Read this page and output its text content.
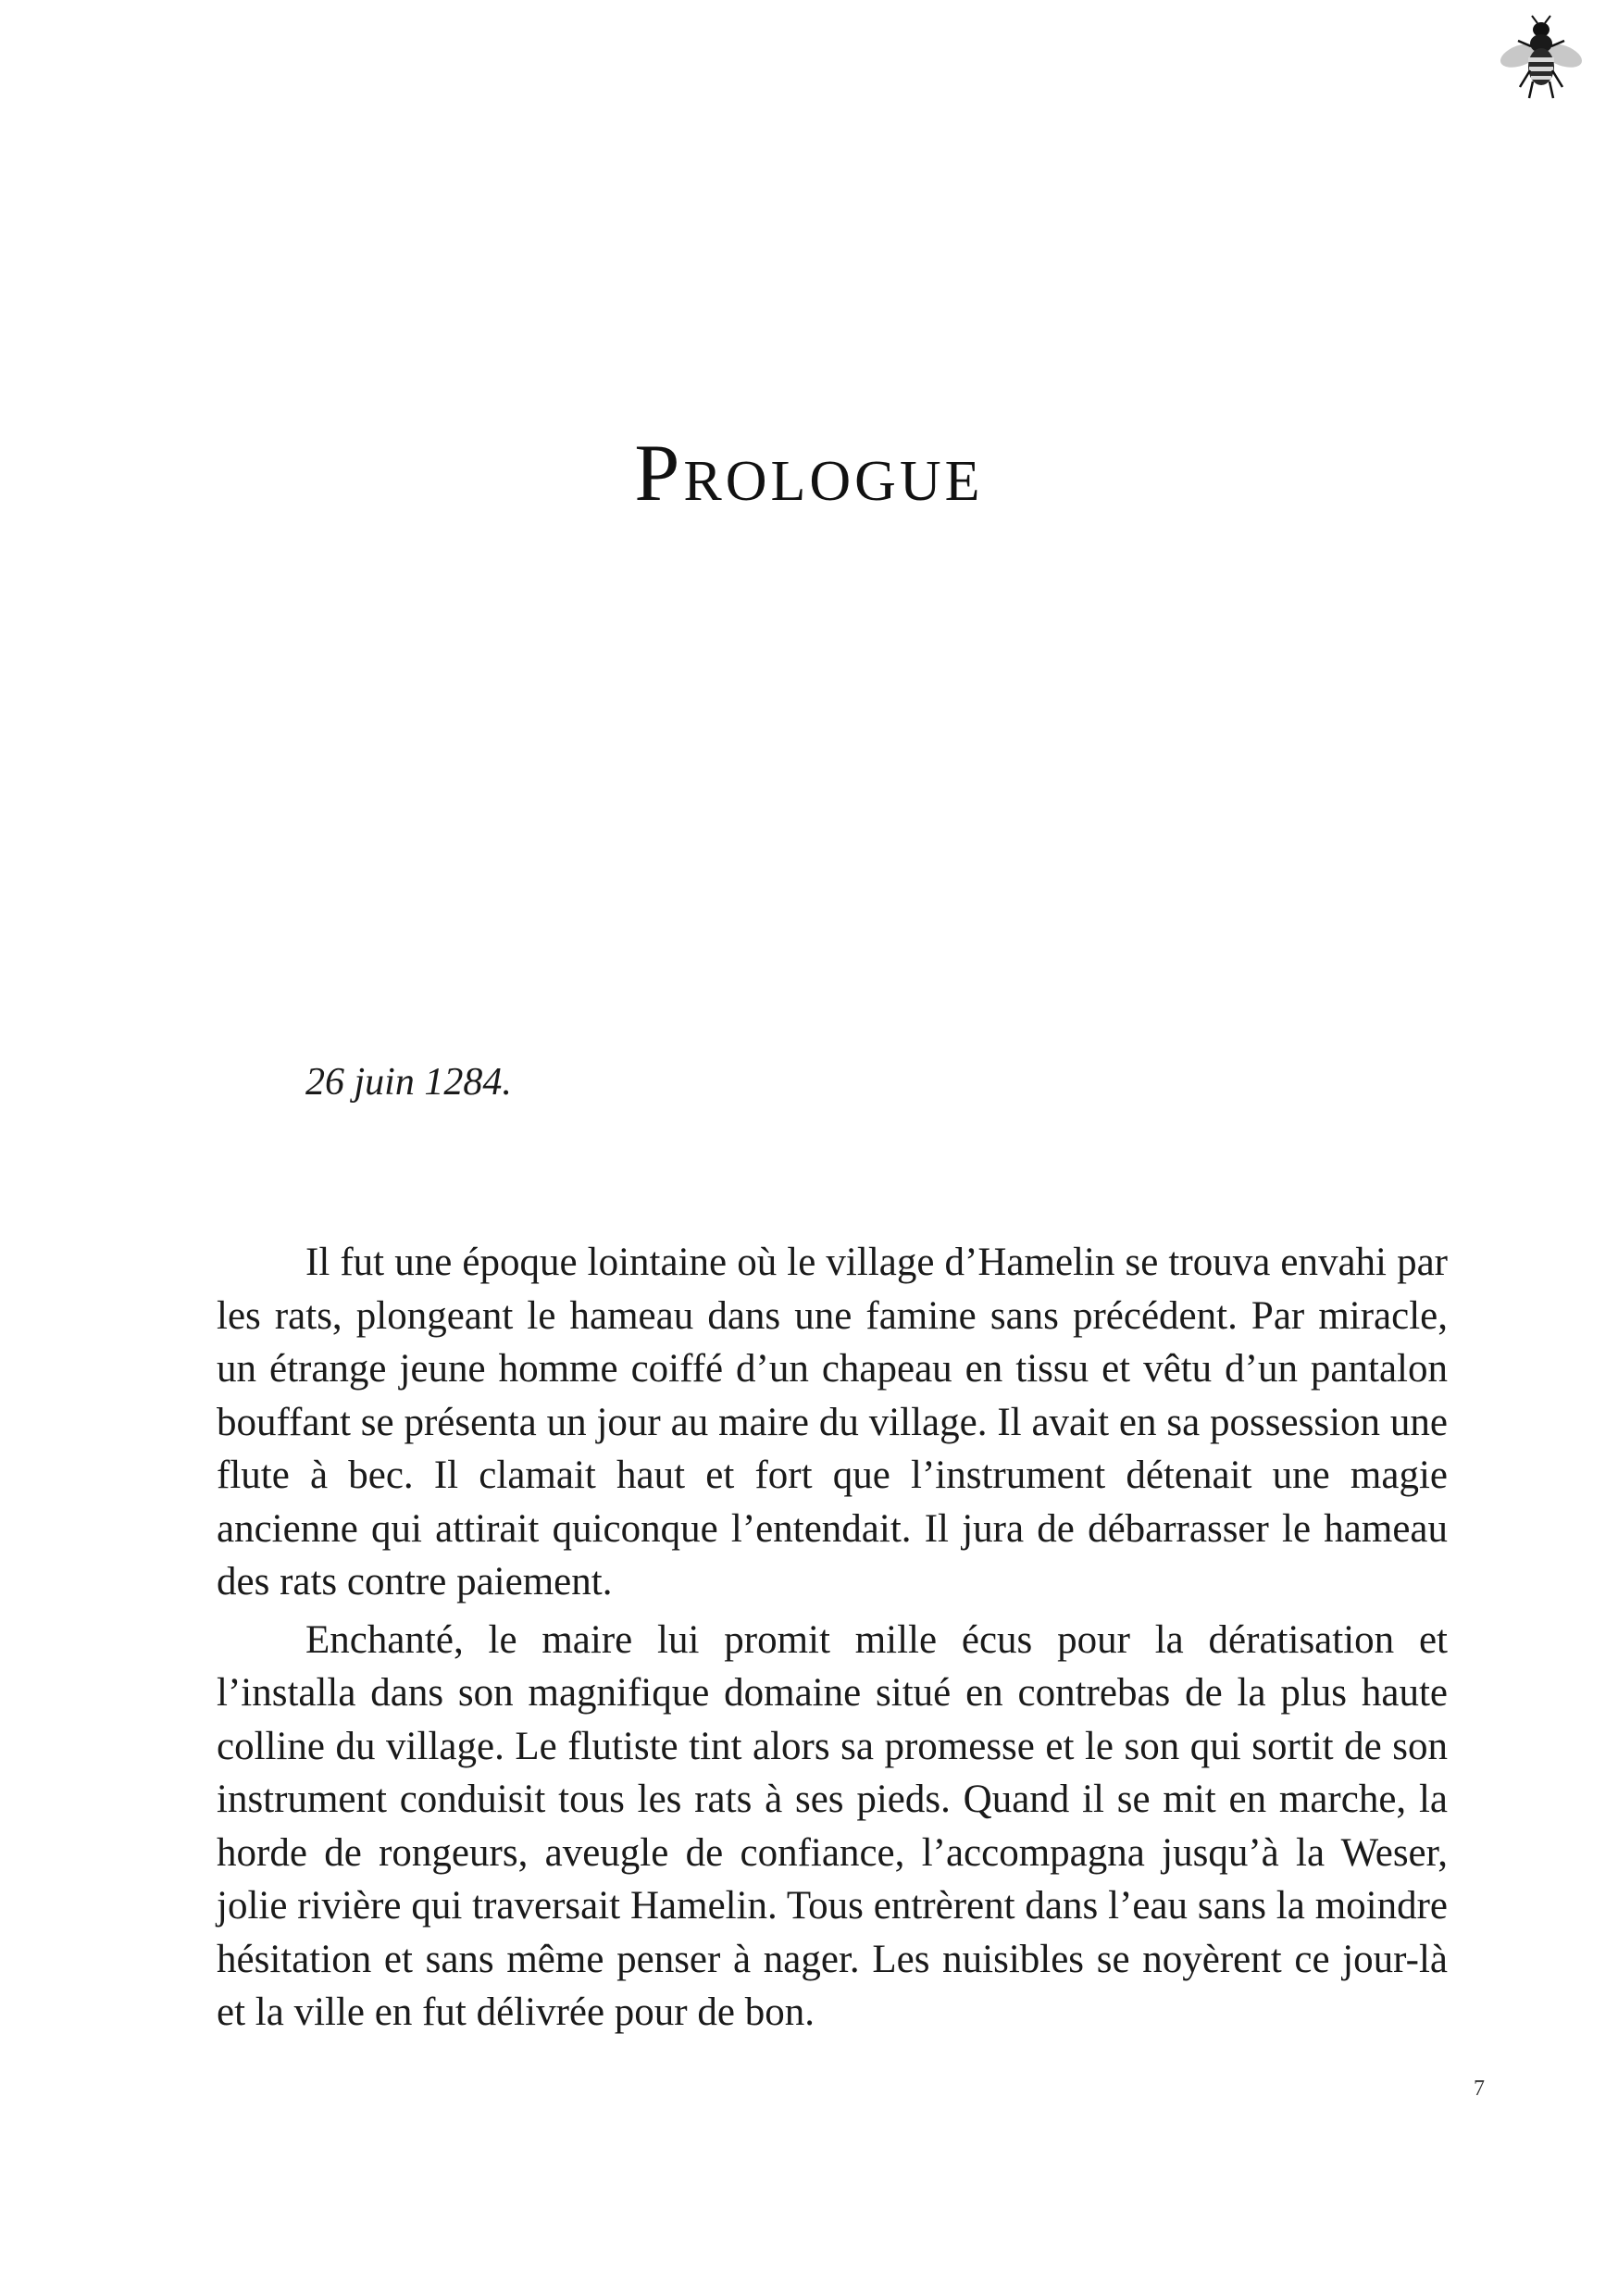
Prologue
26 juin 1284.

Il fut une époque lointaine où le village d’Hamelin se trouva envahi par les rats, plongeant le hameau dans une famine sans précédent. Par miracle, un étrange jeune homme coiffé d’un chapeau en tissu et vêtu d’un pantalon bouffant se présenta un jour au maire du village. Il avait en sa possession une flute à bec. Il clamait haut et fort que l’instrument détenait une magie ancienne qui attirait quiconque l’entendait. Il jura de débarrasser le hameau des rats contre paiement.

Enchanté, le maire lui promit mille écus pour la dératisation et l’installa dans son magnifique domaine situé en contrebas de la plus haute colline du village. Le flutiste tint alors sa promesse et le son qui sortit de son instrument conduisit tous les rats à ses pieds. Quand il se mit en marche, la horde de rongeurs, aveugle de confiance, l’accompagna jusqu’à la Weser, jolie rivière qui traversait Hamelin. Tous entrèrent dans l’eau sans la moindre hésitation et sans même penser à nager. Les nuisibles se noyèrent ce jour-là et la ville en fut délivrée pour de bon.

7
